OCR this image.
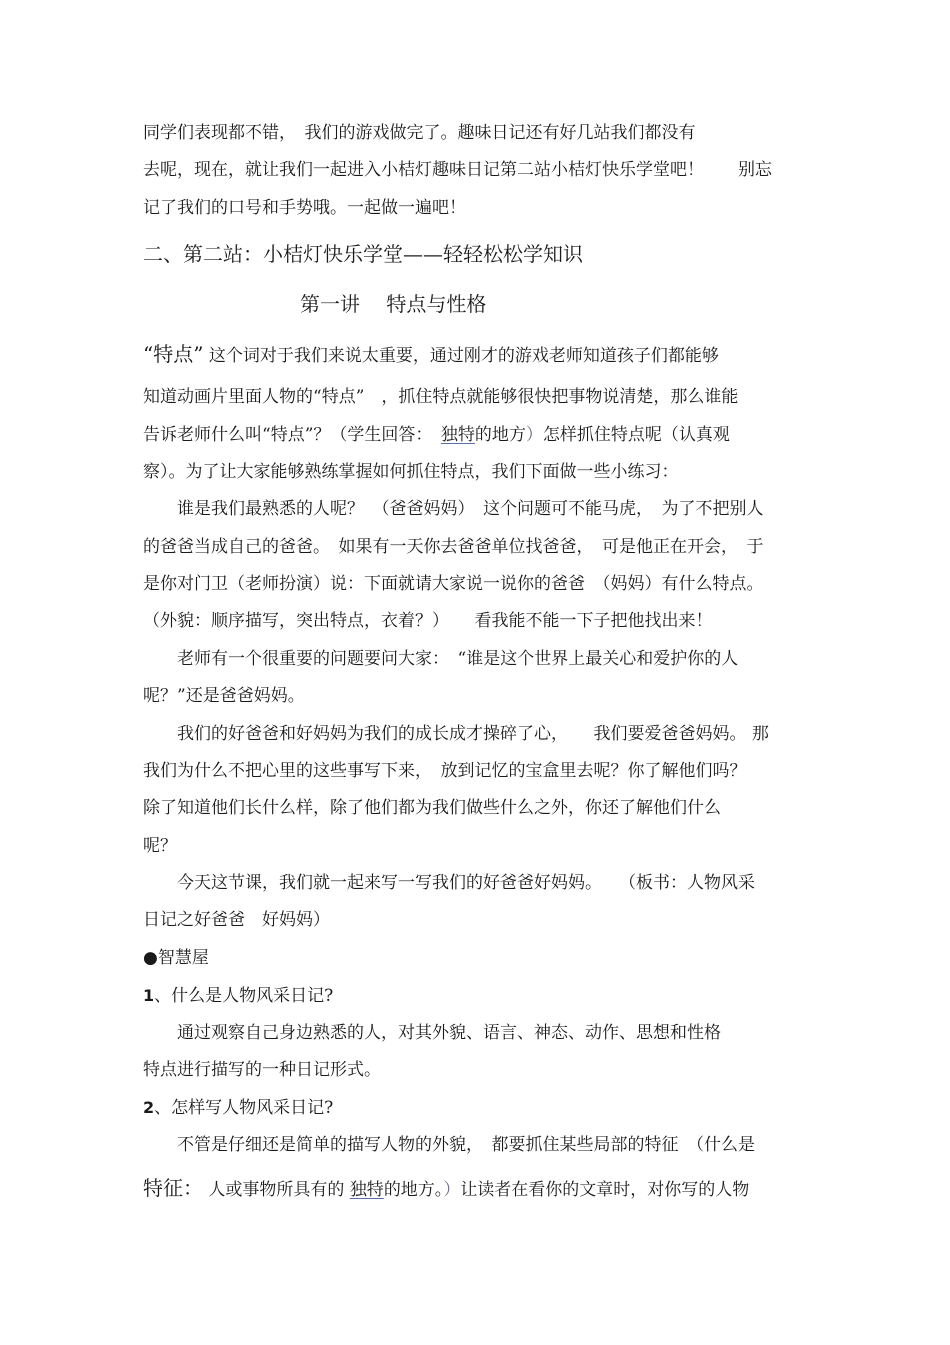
同学们表现都不错，　我们的游戏做完了。趣味日记还有好几站我们都没有
去呢，现在，就让我们一起进入小桔灯趣味日记第二站小桔灯快乐学堂吧！　　别忘
记了我们的口号和手势哦。一起做一遍吧！
二、第二站：小桔灯快乐学堂——轻轻松松学知识
第一讲　 特点与性格
“特点” 这个词对于我们来说太重要，通过刚才的游戏老师知道孩子们都能够
知道动画片里面人物的“特点”　，抓住特点就能够很快把事物说清楚，那么谁能
告诉老师什么叫“特点”？（学生回答：　独特的地方）怎样抓住特点呢（认真观
察）。为了让大家能够熟练掌握如何抓住特点，我们下面做一些小练习：
　　谁是我们最熟悉的人呢？　（爸爸妈妈）　这个问题可不能马虎，　为了不把别人
的爸爸当成自己的爸爸。　如果有一天你去爸爸单位找爸爸，　可是他正在开会，　于
是你对门卫（老师扮演）说：下面就请大家说一说你的爸爸　（妈妈）有什么特点。
（外貌：顺序描写，突出特点，衣着？）　　看我能不能一下子把他找出来！
　　老师有一个很重要的问题要问大家：　“谁是这个世界上最关心和爱护你的人
呢？”还是爸爸妈妈。
　　我们的好爸爸和好妈妈为我们的成长成才操碎了心，　　我们要爱爸爸妈妈。 那
我们为什么不把心里的这些事写下来，　放到记忆的宝盒里去呢？你了解他们吗？
除了知道他们长什么样，除了他们都为我们做些什么之外，你还了解他们什么
呢？
　　今天这节课，我们就一起来写一写我们的好爸爸好妈妈。　　（板书：人物风采
日记之好爸爸　好妈妈）
●智慧屋
1、什么是人物风采日记?
　　通过观察自己身边熟悉的人，对其外貌、语言、神态、动作、思想和性格
特点进行描写的一种日记形式。
2、怎样写人物风采日记?
　　不管是仔细还是简单的描写人物的外貌，　都要抓住某些局部的特征　（什么是
特征： 人或事物所具有的 独特的地方。）让读者在看你的文章时，对你写的人物
